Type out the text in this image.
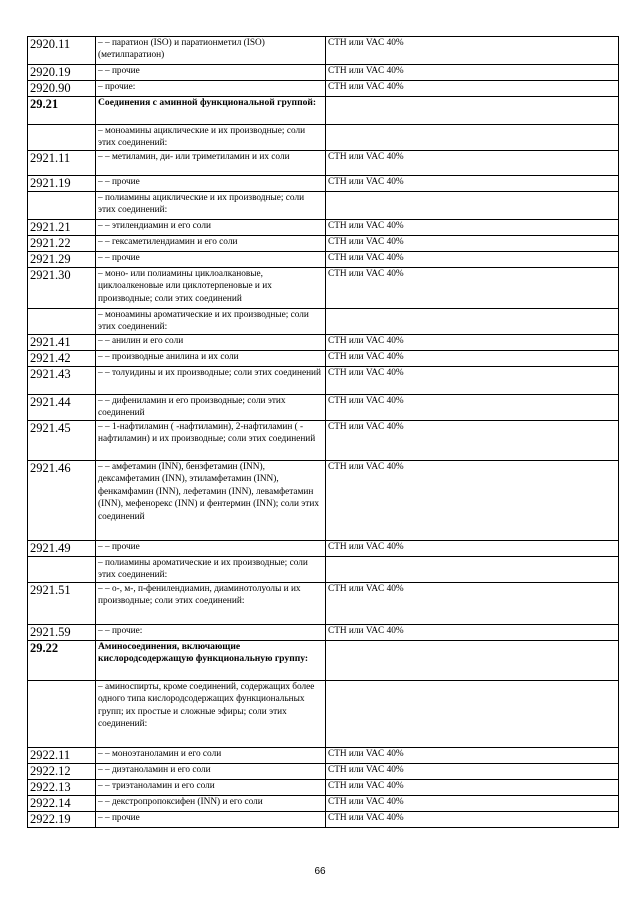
2920.11	– – паратион (ISO) и паратионметил (ISO) (метилпаратион)	СТН или VAC 40%
2920.19	– – прочие	СТН или VAC 40%
2920.90	– прочие:	СТН или VAC 40%
29.21	Соединения с аминной функциональной группой:	
	– моноамины ациклические и их производные; соли этих соединений:	
2921.11	– – метиламин, ди- или триметиламин и их соли	СТН или VAC 40%
2921.19	– – прочие	СТН или VAC 40%
	– полиамины ациклические и их производные; соли этих соединений:	
2921.21	– – этилендиамин и его соли	СТН или VAC 40%
2921.22	– – гексаметилендиамин и его соли	СТН или VAC 40%
2921.29	– – прочие	СТН или VAC 40%
2921.30	– моно- или полиамины циклоалкановые, циклоалкеновые или циклотерпеновые и их производные; соли этих соединений	СТН или VAC 40%
	– моноамины ароматические и их производные; соли этих соединений:	
2921.41	– – анилин и его соли	СТН или VAC 40%
2921.42	– – производные анилина и их соли	СТН или VAC 40%
2921.43	– – толуидины и их производные; соли этих соединений	СТН или VAC 40%
2921.44	– – дифениламин и его производные; соли этих соединений	СТН или VAC 40%
2921.45	– – 1-нафтиламин ( -нафтиламин), 2-нафтиламин ( -нафтиламин) и их производные; соли этих соединений	СТН или VAC 40%
2921.46	– – амфетамин (INN), бензфетамин (INN), дексамфетамин (INN), этиламфетамин (INN), фенкамфамин (INN), лефетамин (INN), левамфетамин (INN), мефенорекс (INN) и фентермин (INN); соли этих соединений	СТН или VAC 40%
2921.49	– – прочие	СТН или VAC 40%
	– полиамины ароматические и их производные; соли этих соединений:	
2921.51	– – о-, м-, п-фенилендиамин, диаминотолуолы и их производные; соли этих соединений:	СТН или VAC 40%
2921.59	– – прочие:	СТН или VAC 40%
29.22	Аминосоединения, включающие кислородсодержащую функциональную группу:	
	– аминоспирты, кроме соединений, содержащих более одного типа кислородсодержащих функциональных групп; их простые и сложные эфиры; соли этих соединений:	
2922.11	– – моноэтаноламин и его соли	СТН или VAC 40%
2922.12	– – диэтаноламин и его соли	СТН или VAC 40%
2922.13	– – триэтаноламин и его соли	СТН или VAC 40%
2922.14	– – декстропропоксифен (INN) и его соли	СТН или VAC 40%
2922.19	– – прочие	СТН или VAC 40%
66
